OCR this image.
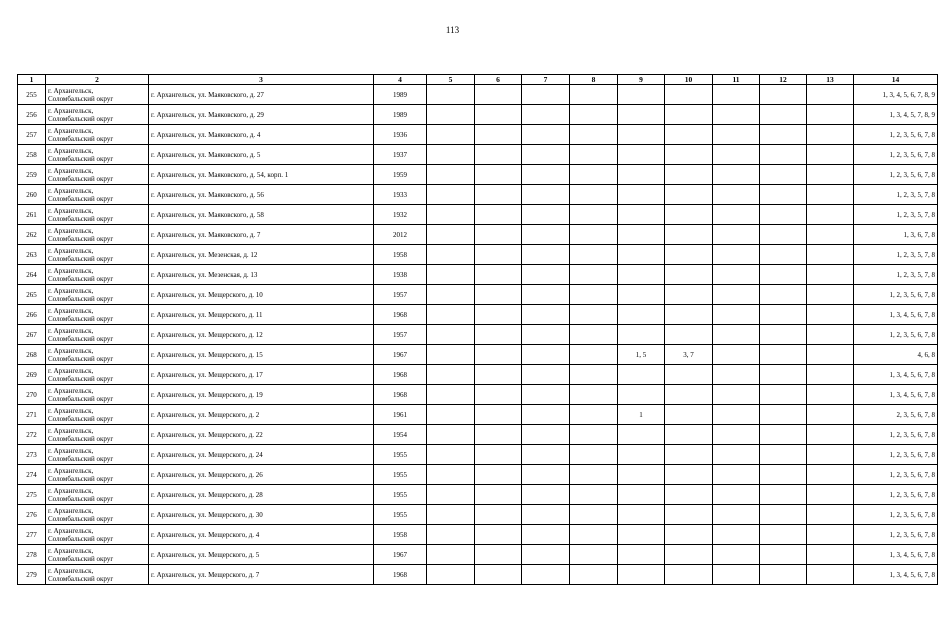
113
1	2	3	4	5	6	7	8	9	10	11	12	13	14
255	г. Архангельск,
Соломбальский округ	г. Архангельск, ул. Маяковского, д. 27	1989										1, 3, 4, 5, 6, 7, 8, 9
256	г. Архангельск,
Соломбальский округ	г. Архангельск, ул. Маяковского, д. 29	1989										1, 3, 4, 5, 7, 8, 9
257	г. Архангельск,
Соломбальский округ	г. Архангельск, ул. Маяковского, д. 4	1936										1, 2, 3, 5, 6, 7, 8
258	г. Архангельск,
Соломбальский округ	г. Архангельск, ул. Маяковского, д. 5	1937										1, 2, 3, 5, 6, 7, 8
259	г. Архангельск,
Соломбальский округ	г. Архангельск, ул. Маяковского, д. 54, корп. 1	1959										1, 2, 3, 5, 6, 7, 8
260	г. Архангельск,
Соломбальский округ	г. Архангельск, ул. Маяковского, д. 56	1933										1, 2, 3, 5, 7, 8
261	г. Архангельск,
Соломбальский округ	г. Архангельск, ул. Маяковского, д. 58	1932										1, 2, 3, 5, 7, 8
262	г. Архангельск,
Соломбальский округ	г. Архангельск, ул. Маяковского, д. 7	2012										1, 3, 6, 7, 8
263	г. Архангельск,
Соломбальский округ	г. Архангельск, ул. Мезенская, д. 12	1958										1, 2, 3, 5, 7, 8
264	г. Архангельск,
Соломбальский округ	г. Архангельск, ул. Мезенская, д. 13	1938										1, 2, 3, 5, 7, 8
265	г. Архангельск,
Соломбальский округ	г. Архангельск, ул. Мещерского, д. 10	1957										1, 2, 3, 5, 6, 7, 8
266	г. Архангельск,
Соломбальский округ	г. Архангельск, ул. Мещерского, д. 11	1968										1, 3, 4, 5, 6, 7, 8
267	г. Архангельск,
Соломбальский округ	г. Архангельск, ул. Мещерского, д. 12	1957										1, 2, 3, 5, 6, 7, 8
268	г. Архангельск,
Соломбальский округ	г. Архангельск, ул. Мещерского, д. 15	1967					1, 5	3, 7				4, 6, 8
269	г. Архангельск,
Соломбальский округ	г. Архангельск, ул. Мещерского, д. 17	1968										1, 3, 4, 5, 6, 7, 8
270	г. Архангельск,
Соломбальский округ	г. Архангельск, ул. Мещерского, д. 19	1968										1, 3, 4, 5, 6, 7, 8
271	г. Архангельск,
Соломбальский округ	г. Архангельск, ул. Мещерского, д. 2	1961					1					2, 3, 5, 6, 7, 8
272	г. Архангельск,
Соломбальский округ	г. Архангельск, ул. Мещерского, д. 22	1954										1, 2, 3, 5, 6, 7, 8
273	г. Архангельск,
Соломбальский округ	г. Архангельск, ул. Мещерского, д. 24	1955										1, 2, 3, 5, 6, 7, 8
274	г. Архангельск,
Соломбальский округ	г. Архангельск, ул. Мещерского, д. 26	1955										1, 2, 3, 5, 6, 7, 8
275	г. Архангельск,
Соломбальский округ	г. Архангельск, ул. Мещерского, д. 28	1955										1, 2, 3, 5, 6, 7, 8
276	г. Архангельск,
Соломбальский округ	г. Архангельск, ул. Мещерского, д. 30	1955										1, 2, 3, 5, 6, 7, 8
277	г. Архангельск,
Соломбальский округ	г. Архангельск, ул. Мещерского, д. 4	1958										1, 2, 3, 5, 6, 7, 8
278	г. Архангельск,
Соломбальский округ	г. Архангельск, ул. Мещерского, д. 5	1967										1, 3, 4, 5, 6, 7, 8
279	г. Архангельск,
Соломбальский округ	г. Архангельск, ул. Мещерского, д. 7	1968										1, 3, 4, 5, 6, 7, 8
